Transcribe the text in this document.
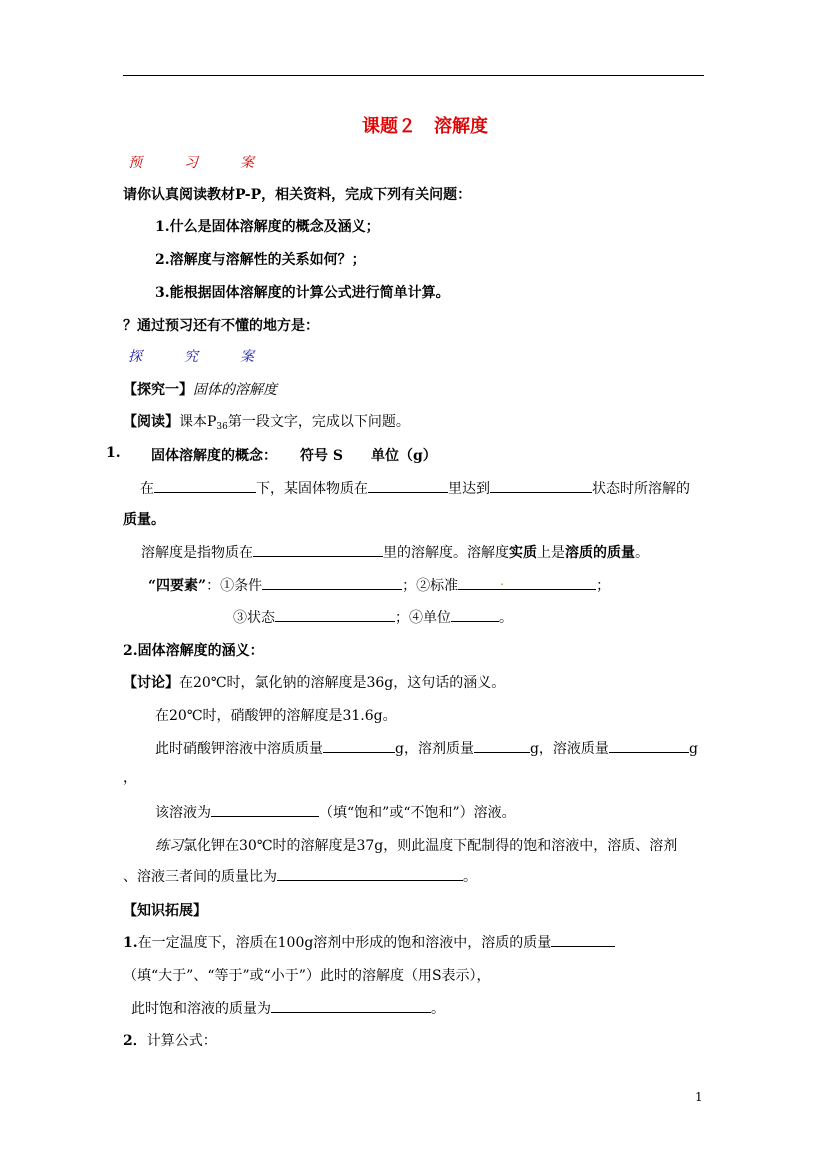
课题２　溶解度
预　　　习　　　案
请你认真阅读教材P-P，相关资料，完成下列有关问题：
1.什么是固体溶解度的概念及涵义；
2.溶解度与溶解性的关系如何？；
3.能根据固体溶解度的计算公式进行简单计算。
？通过预习还有不懂的地方是：
探　　　究　　　案
【探究一】固体的溶解度
【阅读】课本$P_{36}$第一段文字，完成以下问题。
1. 固体溶解度的概念： 符号 S 单位（g）
在	下，某固体物质在	里达到	状态时所溶解的
质量。
溶解度是指物质在	里的溶解度。溶解度实质上是溶质的质量。
“四要素”：①条件	；②标准	.	；
③状态	；④单位	。
2.固体溶解度的涵义：
【讨论】在20℃时，氯化钠的溶解度是36g，这句话的涵义。
在20℃时，硝酸钾的溶解度是31.6g。
此时硝酸钾溶液中溶质质量	g，溶剂质量	g，溶液质量	g
，
该溶液为	（填“饱和”或“不饱和”）溶液。
练习氯化钾在30℃时的溶解度是37g，则此温度下配制得的饱和溶液中，溶质、溶剂
、溶液三者间的质量比为	。
【知识拓展】
1.在一定温度下，溶质在100g溶剂中形成的饱和溶液中，溶质的质量
（填“大于”、“等于”或“小于”）此时的溶解度（用S表示），
此时饱和溶液的质量为	。
2．计算公式：
1
